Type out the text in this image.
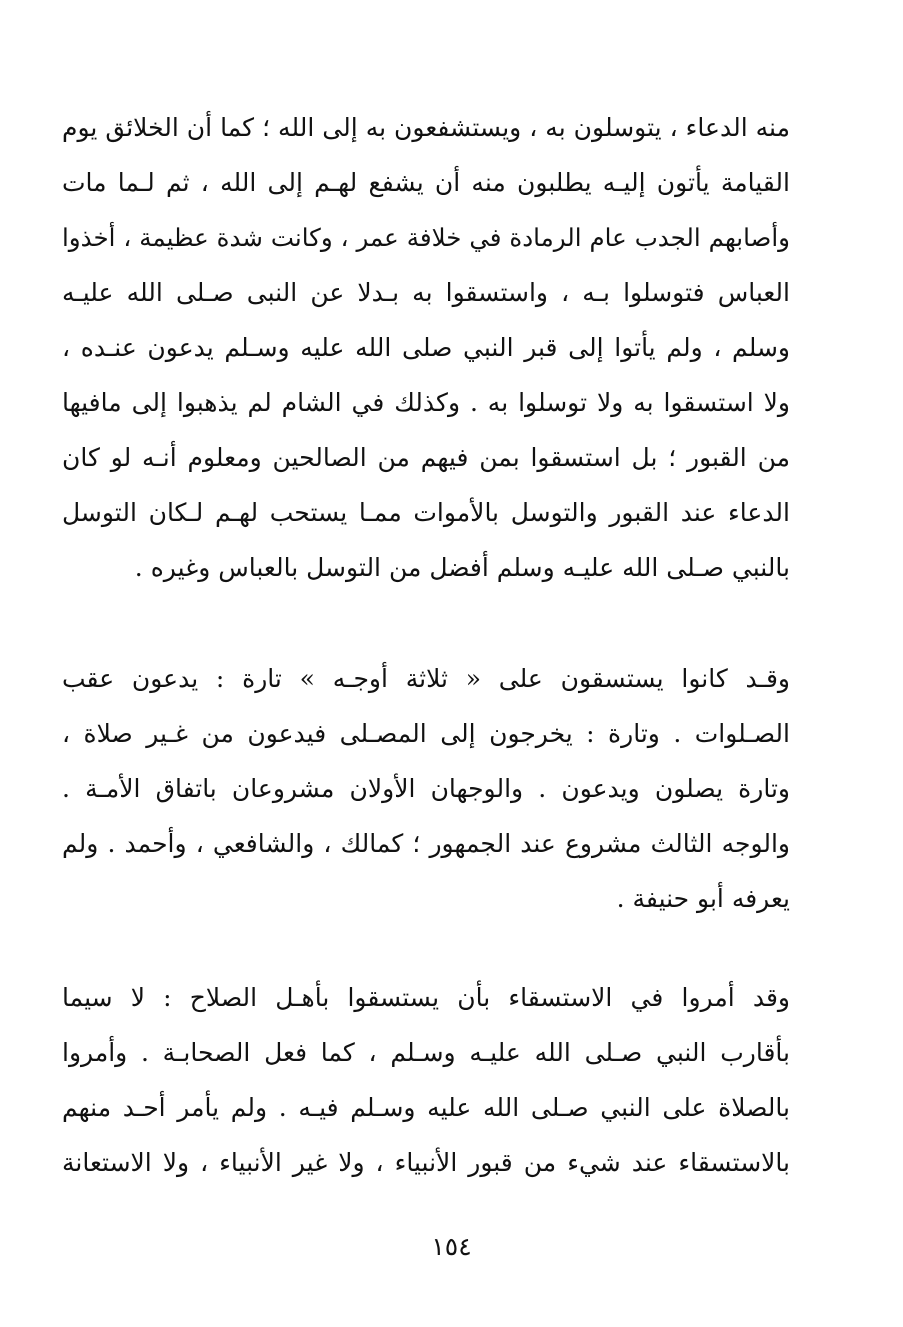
منه الدعاء ، يتوسلون به ، ويستشفعون به إلى الله ؛ كما أن الخلائق يوم
القيامة يأتون إليـه يطلبون منه أن يشفع لهـم إلى الله ، ثم لـما مات
وأصابهم الجدب عام الرمادة في خلافة عمر ، وكانت شدة عظيمة ، أخذوا
العباس فتوسلوا بـه ، واستسقوا به بـدلا عن النبى صـلى الله عليـه
وسلم ، ولم يأتوا إلى قبر النبي صلى الله عليه وسـلم يدعون عنـده ،
ولا استسقوا به ولا توسلوا به . وكذلك في الشام لم يذهبوا إلى مافيها
من القبور ؛ بل استسقوا بمن فيهم من الصالحين ومعلوم أنـه لو كان
الدعاء عند القبور والتوسل بالأموات ممـا يستحب لهـم لـكان التوسل
بالنبي صـلى الله عليـه وسلم أفضل من التوسل بالعباس وغيره .
وقـد كانوا يستسقون على « ثلاثة أوجـه » تارة : يدعون عقب
الصـلوات . وتارة : يخرجون إلى المصـلى فيدعون من غـير صلاة ،
وتارة يصلون ويدعون . والوجهان الأولان مشروعان باتفاق الأمـة .
والوجه الثالث مشروع عند الجمهور ؛ كمالك ، والشافعي ، وأحمد . ولم
يعرفه أبو حنيفة .
وقد أمروا في الاستسقاء بأن يستسقوا بأهـل الصلاح : لا سيما
بأقارب النبي صـلى الله عليـه وسـلم ، كما فعل الصحابـة . وأمروا
بالصلاة على النبي صـلى الله عليه وسـلم فيـه . ولم يأمر أحـد منهم
بالاستسقاء عند شيء من قبور الأنبياء ، ولا غير الأنبياء ، ولا الاستعانة
١٥٤
